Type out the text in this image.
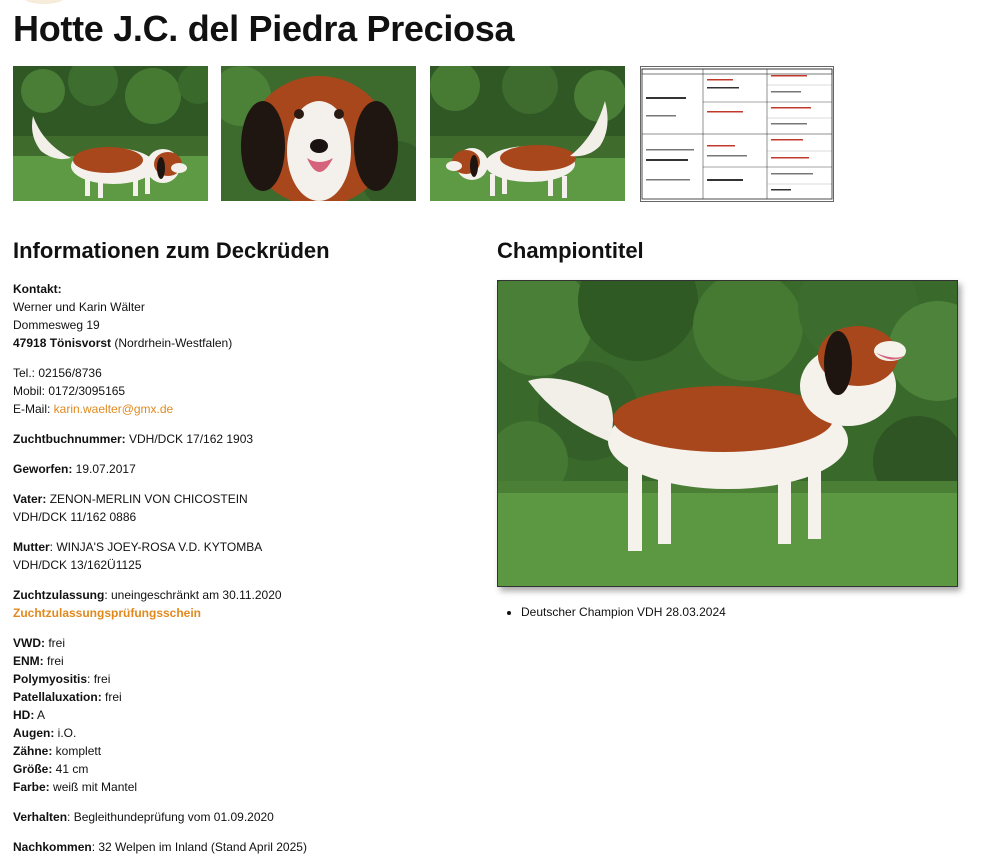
Hotte J.C. del Piedra Preciosa
Informationen zum Deckrüden	Championtitel

Kontakt:
Werner und Karin Wälter
Dommesweg 19
47918 Tönisvorst (Nordrhein-Westfalen)

Tel.: 02156/8736
Mobil: 0172/3095165
E-Mail: karin.waelter@gmx.de

Zuchtbuchnummer: VDH/DCK 17/162 1903

Geworfen: 19.07.2017

Vater: ZENON-MERLIN VON CHICOSTEIN
VDH/DCK 11/162 0886

Mutter: WINJA'S JOEY-ROSA V.D. KYTOMBA
VDH/DCK 13/162Ü1125

Zuchtzulassung: uneingeschränkt am 30.11.2020
Zuchtzulassungsprüfungsschein

VWD: frei
ENM: frei
Polymyositis: frei
Patellaluxation: frei
HD: A
Augen: i.O.
Zähne: komplett
Größe: 41 cm
Farbe: weiß mit Mantel

Verhalten: Begleithundeprüfung vom 01.09.2020

Nachkommen: 32 Welpen im Inland (Stand April 2025)

• Deutscher Champion VDH 28.03.2024
